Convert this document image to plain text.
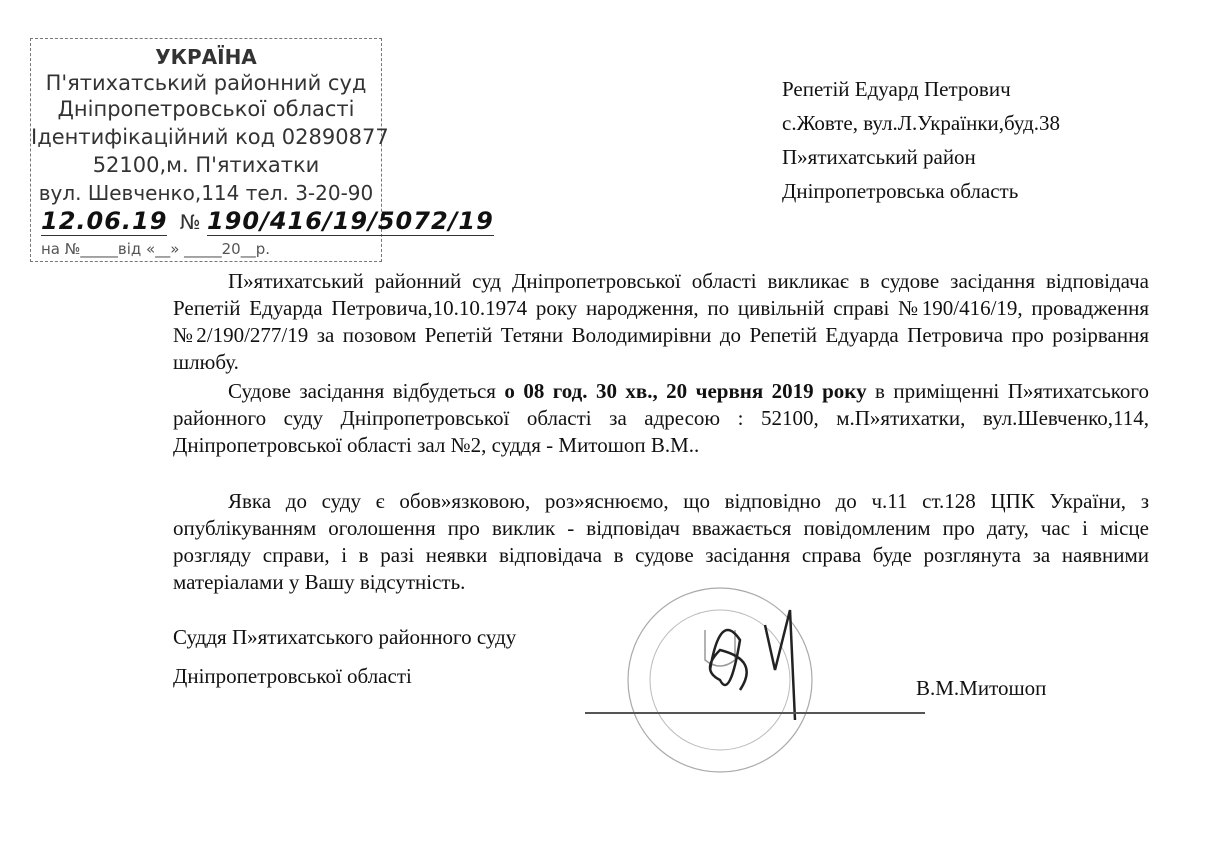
УКРАЇНА
П'ятихатський районний суд
Дніпропетровської області
Ідентифікаційний код 02890877
52100,м. П'ятихатки
вул. Шевченко,114 тел. 3-20-90
12.06.19 № 190/416/19/5072/19
на №_____від «__» _____20__р.
Репетій Едуард Петрович
с.Жовте, вул.Л.Українки,буд.38
П»ятихатський район
Дніпропетровська область
П»ятихатський районний суд Дніпропетровської області викликає в судове засідання відповідача Репетій Едуарда Петровича,10.10.1974 року народження, по цивільній справі №190/416/19, провадження №2/190/277/19 за позовом Репетій Тетяни Володимирівни до Репетій Едуарда Петровича про розірвання шлюбу.
Судове засідання відбудеться о 08 год. 30 хв., 20 червня 2019 року в приміщенні П»ятихатського районного суду Дніпропетровської області за адресою : 52100, м.П»ятихатки, вул.Шевченко,114, Дніпропетровської області зал №2, суддя - Митошоп В.М..
Явка до суду є обов»язковою, роз»яснюємо, що відповідно до ч.11 ст.128 ЦПК України, з опублікуванням оголошення про виклик - відповідач вважається повідомленим про дату, час і місце розгляду справи, і в разі неявки відповідача в судове засідання справа буде розглянута за наявними матеріалами у Вашу відсутність.
Суддя П»ятихатського районного суду
Дніпропетровської області	В.М.Митошоп
